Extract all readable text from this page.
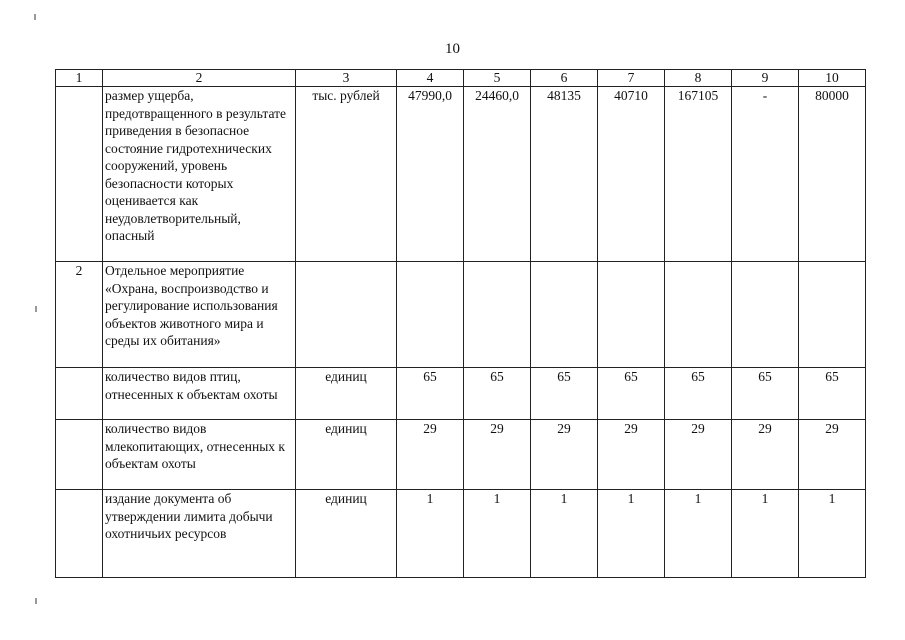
10
1	2	3	4	5	6	7	8	9	10
	размер ущерба, предотвращенного в результате приведения в безопасное состояние гидротехнических сооружений, уровень безопасности которых оценивается как неудовлетворительный, опасный	тыс. рублей	47990,0	24460,0	48135	40710	167105	-	80000
2	Отдельное мероприятие «Охрана, воспроизводство и регулирование использования объектов животного мира и среды их обитания»								
	количество видов птиц, отнесенных к объектам охоты	единиц	65	65	65	65	65	65	65
	количество видов млекопитающих, отнесенных к объектам охоты	единиц	29	29	29	29	29	29	29
	издание документа об утверждении лимита добычи охотничьих ресурсов	единиц	1	1	1	1	1	1	1
